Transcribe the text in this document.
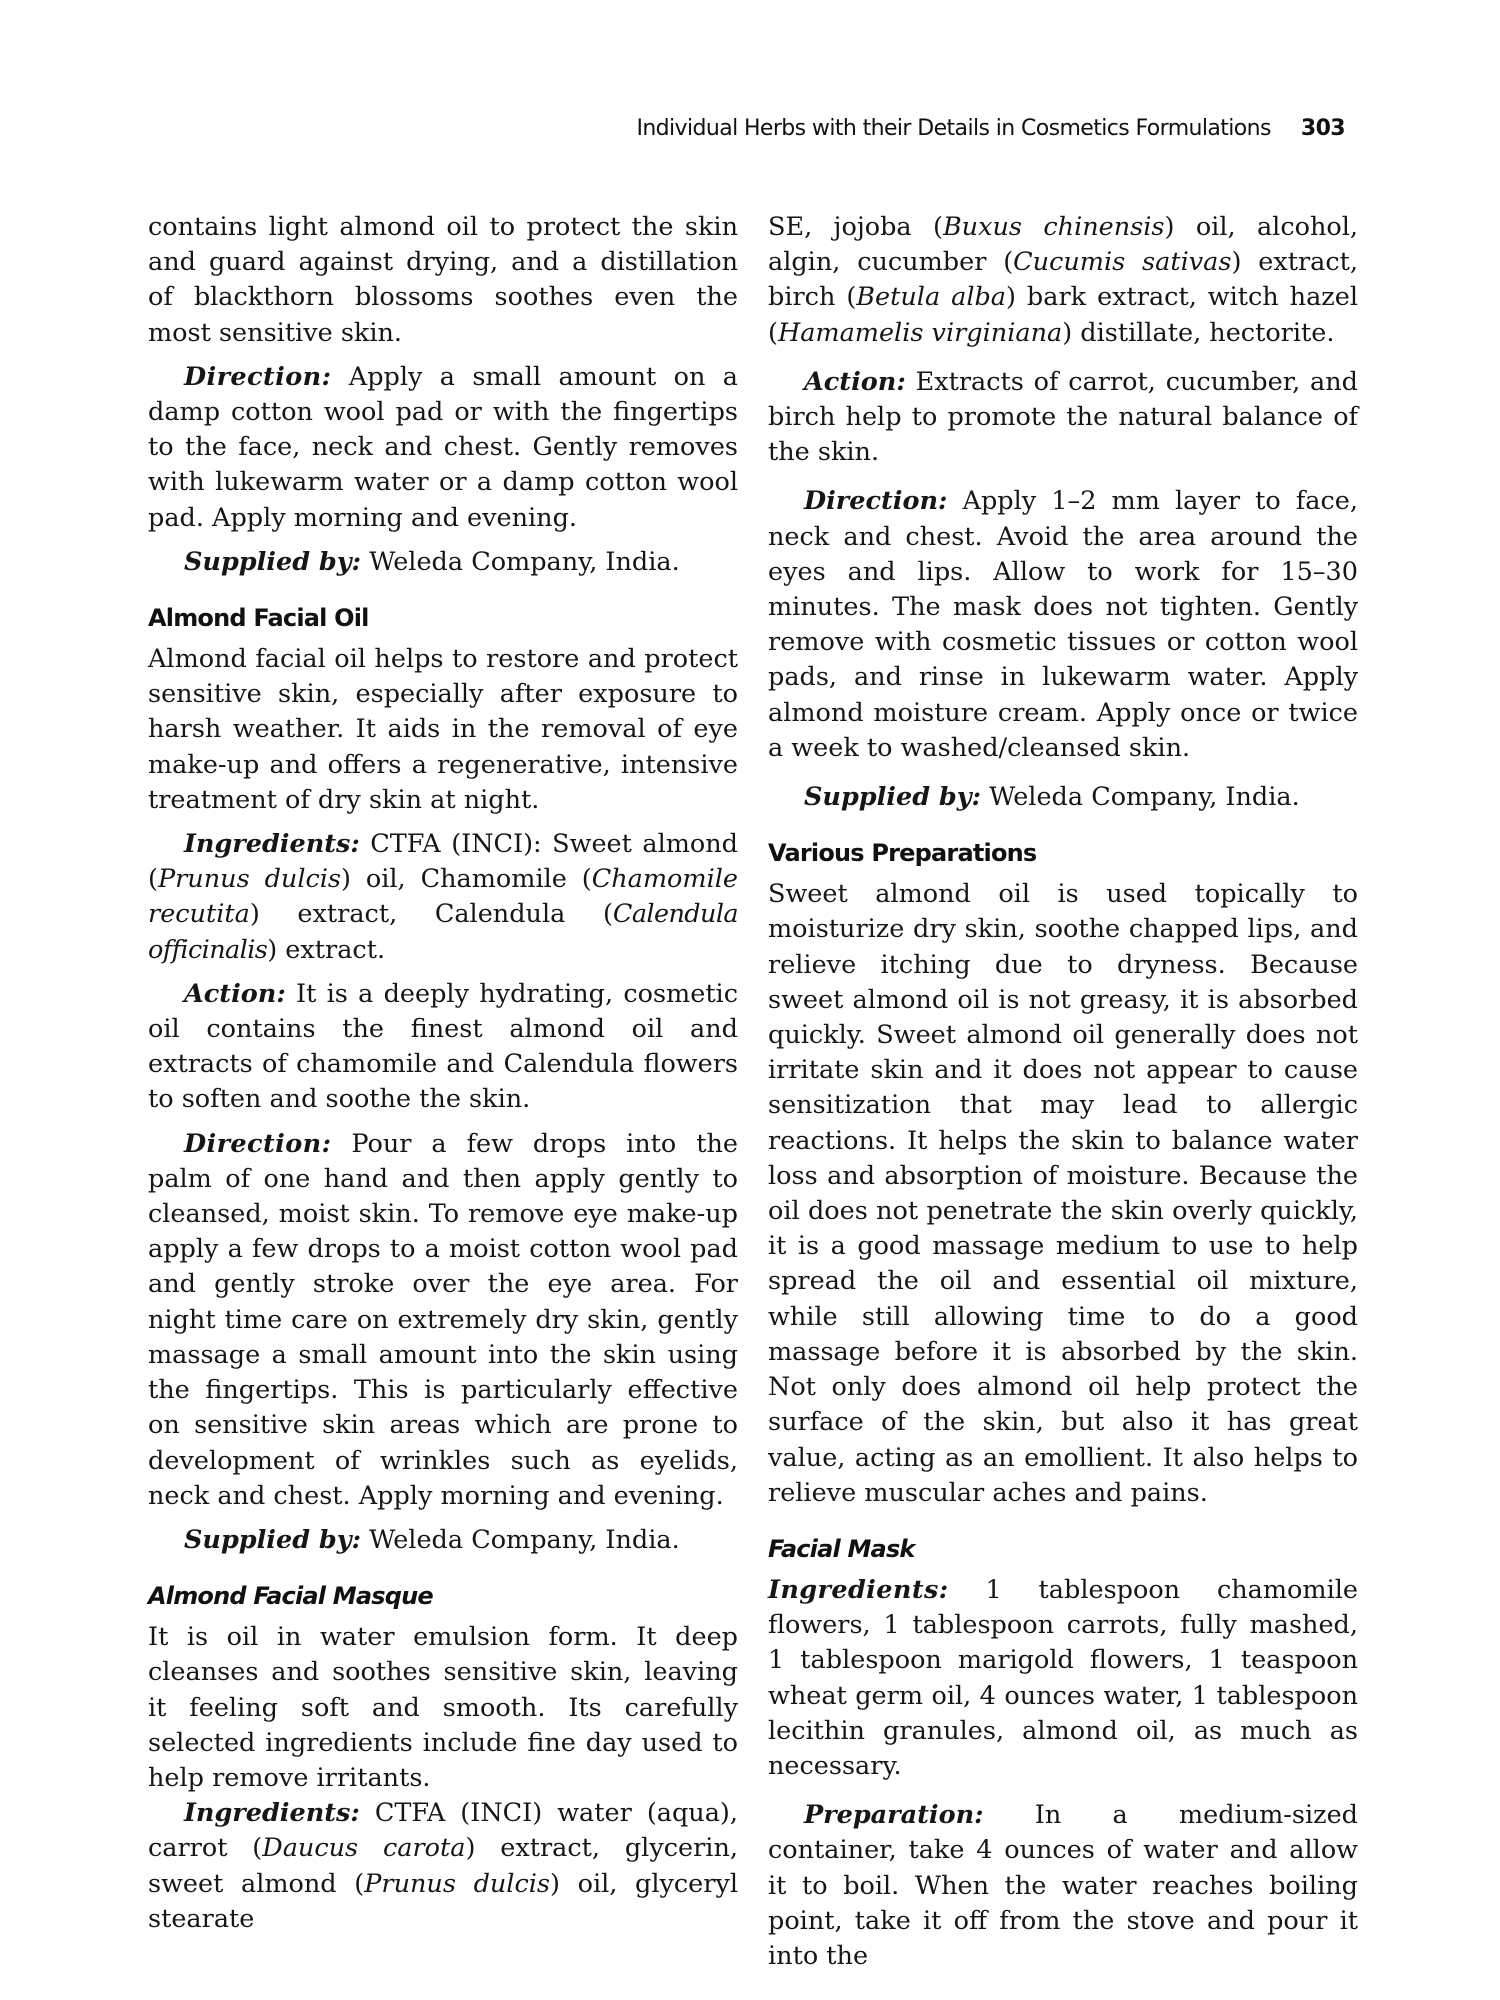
Individual Herbs with their Details in Cosmetics Formulations 303

contains light almond oil to protect the skin and guard against drying, and a distillation of blackthorn blossoms soothes even the most sensitive skin.

Direction: Apply a small amount on a damp cotton wool pad or with the fingertips to the face, neck and chest. Gently removes with lukewarm water or a damp cotton wool pad. Apply morning and evening.

Supplied by: Weleda Company, India.

Almond Facial Oil

Almond facial oil helps to restore and protect sensitive skin, especially after exposure to harsh weather. It aids in the removal of eye make-up and offers a regenerative, intensive treatment of dry skin at night.

Ingredients: CTFA (INCI): Sweet almond (Prunus dulcis) oil, Chamomile (Chamomile recutita) extract, Calendula (Calendula officinalis) extract.

Action: It is a deeply hydrating, cosmetic oil contains the finest almond oil and extracts of chamomile and Calendula flowers to soften and soothe the skin.

Direction: Pour a few drops into the palm of one hand and then apply gently to cleansed, moist skin. To remove eye make-up apply a few drops to a moist cotton wool pad and gently stroke over the eye area. For night time care on extremely dry skin, gently massage a small amount into the skin using the fingertips. This is particularly effective on sensitive skin areas which are prone to development of wrinkles such as eyelids, neck and chest. Apply morning and evening.

Supplied by: Weleda Company, India.

Almond Facial Masque

It is oil in water emulsion form. It deep cleanses and soothes sensitive skin, leaving it feeling soft and smooth. Its carefully selected ingredients include fine day used to help remove irritants.

Ingredients: CTFA (INCI) water (aqua), carrot (Daucus carota) extract, glycerin, sweet almond (Prunus dulcis) oil, glyceryl stearate

SE, jojoba (Buxus chinensis) oil, alcohol, algin, cucumber (Cucumis sativas) extract, birch (Betula alba) bark extract, witch hazel (Hamamelis virginiana) distillate, hectorite.

Action: Extracts of carrot, cucumber, and birch help to promote the natural balance of the skin.

Direction: Apply 1–2 mm layer to face, neck and chest. Avoid the area around the eyes and lips. Allow to work for 15–30 minutes. The mask does not tighten. Gently remove with cosmetic tissues or cotton wool pads, and rinse in lukewarm water. Apply almond moisture cream. Apply once or twice a week to washed/cleansed skin.

Supplied by: Weleda Company, India.

Various Preparations

Sweet almond oil is used topically to moisturize dry skin, soothe chapped lips, and relieve itching due to dryness. Because sweet almond oil is not greasy, it is absorbed quickly. Sweet almond oil generally does not irritate skin and it does not appear to cause sensitization that may lead to allergic reactions. It helps the skin to balance water loss and absorption of moisture. Because the oil does not penetrate the skin overly quickly, it is a good massage medium to use to help spread the oil and essential oil mixture, while still allowing time to do a good massage before it is absorbed by the skin. Not only does almond oil help protect the surface of the skin, but also it has great value, acting as an emollient. It also helps to relieve muscular aches and pains.

Facial Mask

Ingredients: 1 tablespoon chamomile flowers, 1 tablespoon carrots, fully mashed, 1 tablespoon marigold flowers, 1 teaspoon wheat germ oil, 4 ounces water, 1 tablespoon lecithin granules, almond oil, as much as necessary.

Preparation: In a medium-sized container, take 4 ounces of water and allow it to boil. When the water reaches boiling point, take it off from the stove and pour it into the
